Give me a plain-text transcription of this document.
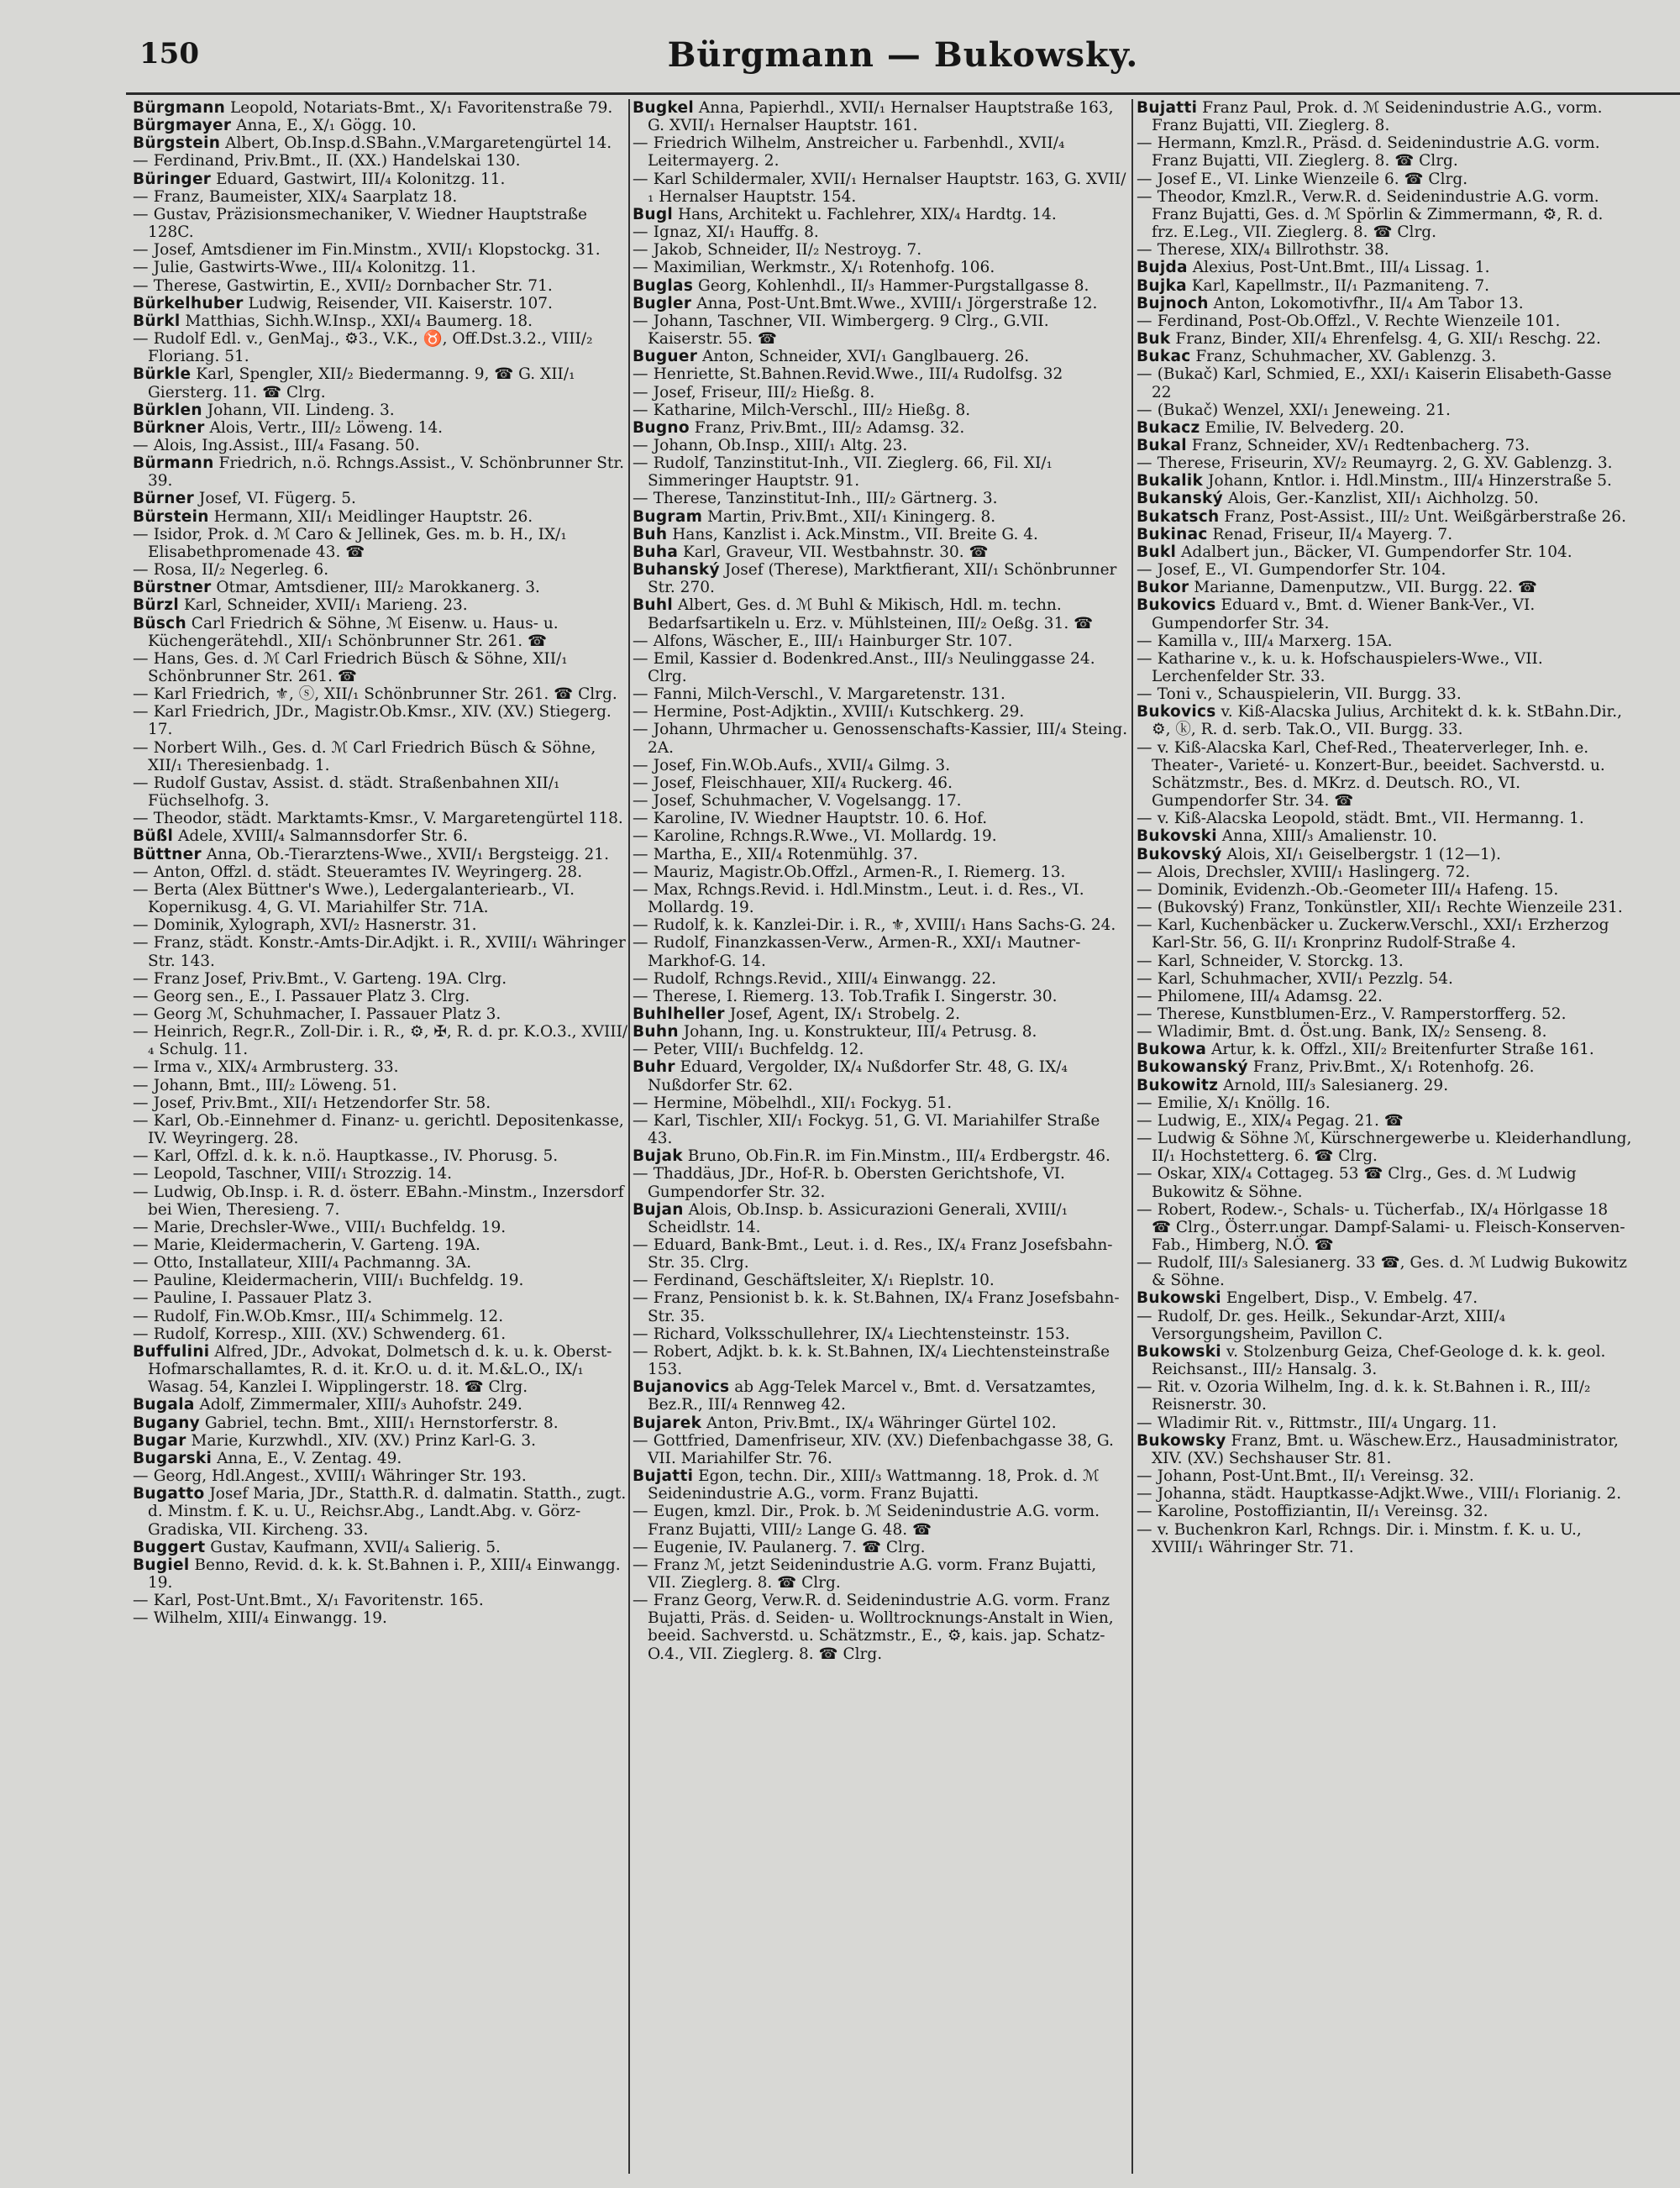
150	Bürgmann — Bukowsky.

Bürgmann Leopold, Notariats-Bmt., X/₁ Favoritenstraße 79.

Bürgmayer Anna, E., X/₁ Gögg. 10.

Bürgstein Albert, Ob.Insp.d.SBahn.,V.Margaretengürtel 14.

— Ferdinand, Priv.Bmt., II. (XX.) Handelskai 130.

Büringer Eduard, Gastwirt, III/₄ Kolonitzg. 11.

— Franz, Baumeister, XIX/₄ Saarplatz 18.

— Gustav, Präzisionsmechaniker, V. Wiedner Hauptstraße 128C.

— Josef, Amtsdiener im Fin.Minstm., XVII/₁ Klopstockg. 31.

— Julie, Gastwirts-Wwe., III/₄ Kolonitzg. 11.

— Therese, Gastwirtin, E., XVII/₂ Dornbacher Str. 71.

Bürkelhuber Ludwig, Reisender, VII. Kaiserstr. 107.

Bürkl Matthias, Sichh.W.Insp., XXI/₄ Baumerg. 18.

— Rudolf Edl. v., GenMaj., ⚙3., V.K., ♉, Off.Dst.3.2., VIII/₂ Floriang. 51.

Bürkle Karl, Spengler, XII/₂ Biedermanng. 9, ☎ G. XII/₁ Giersterg. 11. ☎ Clrg.

Bürklen Johann, VII. Lindeng. 3.

Bürkner Alois, Vertr., III/₂ Löweng. 14.

— Alois, Ing.Assist., III/₄ Fasang. 50.

Bürmann Friedrich, n.ö. Rchngs.Assist., V. Schönbrunner Str. 39.

Bürner Josef, VI. Fügerg. 5.

Bürstein Hermann, XII/₁ Meidlinger Hauptstr. 26.

— Isidor, Prok. d. ℳ Caro & Jellinek, Ges. m. b. H., IX/₁ Elisabethpromenade 43. ☎

— Rosa, II/₂ Negerleg. 6.

Bürstner Otmar, Amtsdiener, III/₂ Marokkanerg. 3.

Bürzl Karl, Schneider, XVII/₁ Marieng. 23.

Büsch Carl Friedrich & Söhne, ℳ Eisenw. u. Haus- u. Küchengerätehdl., XII/₁ Schönbrunner Str. 261. ☎

— Hans, Ges. d. ℳ Carl Friedrich Büsch & Söhne, XII/₁ Schönbrunner Str. 261. ☎

— Karl Friedrich, ⚜, ⓢ, XII/₁ Schönbrunner Str. 261. ☎ Clrg.

— Karl Friedrich, JDr., Magistr.Ob.Kmsr., XIV. (XV.) Stiegerg. 17.

— Norbert Wilh., Ges. d. ℳ Carl Friedrich Büsch & Söhne, XII/₁ Theresienbadg. 1.

— Rudolf Gustav, Assist. d. städt. Straßenbahnen XII/₁ Füchselhofg. 3.

— Theodor, städt. Marktamts-Kmsr., V. Margaretengürtel 118.

Büßl Adele, XVIII/₄ Salmannsdorfer Str. 6.

Büttner Anna, Ob.-Tierarztens-Wwe., XVII/₁ Bergsteigg. 21.

— Anton, Offzl. d. städt. Steueramtes IV. Weyringerg. 28.

— Berta (Alex Büttner's Wwe.), Ledergalanteriearb., VI. Kopernikusg. 4, G. VI. Mariahilfer Str. 71A.

— Dominik, Xylograph, XVI/₂ Hasnerstr. 31.

— Franz, städt. Konstr.-Amts-Dir.Adjkt. i. R., XVIII/₁ Währinger Str. 143.

— Franz Josef, Priv.Bmt., V. Garteng. 19A. Clrg.

— Georg sen., E., I. Passauer Platz 3. Clrg.

— Georg ℳ, Schuhmacher, I. Passauer Platz 3.

— Heinrich, Regr.R., Zoll-Dir. i. R., ⚙, ✠, R. d. pr. K.O.3., XVIII/₄ Schulg. 11.

— Irma v., XIX/₄ Armbrusterg. 33.

— Johann, Bmt., III/₂ Löweng. 51.

— Josef, Priv.Bmt., XII/₁ Hetzendorfer Str. 58.

— Karl, Ob.-Einnehmer d. Finanz- u. gerichtl. Depositenkasse, IV. Weyringerg. 28.

— Karl, Offzl. d. k. k. n.ö. Hauptkasse., IV. Phorusg. 5.

— Leopold, Taschner, VIII/₁ Strozzig. 14.

— Ludwig, Ob.Insp. i. R. d. österr. EBahn.-Minstm., Inzersdorf bei Wien, Theresieng. 7.

— Marie, Drechsler-Wwe., VIII/₁ Buchfeldg. 19.

— Marie, Kleidermacherin, V. Garteng. 19A.

— Otto, Installateur, XIII/₄ Pachmanng. 3A.

— Pauline, Kleidermacherin, VIII/₁ Buchfeldg. 19.

— Pauline, I. Passauer Platz 3.

— Rudolf, Fin.W.Ob.Kmsr., III/₄ Schimmelg. 12.

— Rudolf, Korresp., XIII. (XV.) Schwenderg. 61.

Buffulini Alfred, JDr., Advokat, Dolmetsch d. k. u. k. Oberst-Hofmarschallamtes, R. d. it. Kr.O. u. d. it. M.&L.O., IX/₁ Wasag. 54, Kanzlei I. Wipplingerstr. 18. ☎ Clrg.

Bugala Adolf, Zimmermaler, XIII/₃ Auhofstr. 249.

Bugany Gabriel, techn. Bmt., XIII/₁ Hernstorferstr. 8.

Bugar Marie, Kurzwhdl., XIV. (XV.) Prinz Karl-G. 3.

Bugarski Anna, E., V. Zentag. 49.

— Georg, Hdl.Angest., XVIII/₁ Währinger Str. 193.

Bugatto Josef Maria, JDr., Statth.R. d. dalmatin. Statth., zugt. d. Minstm. f. K. u. U., Reichsr.Abg., Landt.Abg. v. Görz-Gradiska, VII. Kircheng. 33.

Buggert Gustav, Kaufmann, XVII/₄ Salierig. 5.

Bugiel Benno, Revid. d. k. k. St.Bahnen i. P., XIII/₄ Einwangg. 19.

— Karl, Post-Unt.Bmt., X/₁ Favoritenstr. 165.

— Wilhelm, XIII/₄ Einwangg. 19.

Bugkel Anna, Papierhdl., XVII/₁ Hernalser Hauptstraße 163, G. XVII/₁ Hernalser Hauptstr. 161.

— Friedrich Wilhelm, Anstreicher u. Farbenhdl., XVII/₄ Leitermayerg. 2.

— Karl Schildermaler, XVII/₁ Hernalser Hauptstr. 163, G. XVII/₁ Hernalser Hauptstr. 154.

Bugl Hans, Architekt u. Fachlehrer, XIX/₄ Hardtg. 14.

— Ignaz, XI/₁ Hauffg. 8.

— Jakob, Schneider, II/₂ Nestroyg. 7.

— Maximilian, Werkmstr., X/₁ Rotenhofg. 106.

Buglas Georg, Kohlenhdl., II/₃ Hammer-Purgstallgasse 8.

Bugler Anna, Post-Unt.Bmt.Wwe., XVIII/₁ Jörgerstraße 12.

— Johann, Taschner, VII. Wimbergerg. 9 Clrg., G.VII. Kaiserstr. 55. ☎

Buguer Anton, Schneider, XVI/₁ Ganglbauerg. 26.

— Henriette, St.Bahnen.Revid.Wwe., III/₄ Rudolfsg. 32

— Josef, Friseur, III/₂ Hießg. 8.

— Katharine, Milch-Verschl., III/₂ Hießg. 8.

Bugno Franz, Priv.Bmt., III/₂ Adamsg. 32.

— Johann, Ob.Insp., XIII/₁ Altg. 23.

— Rudolf, Tanzinstitut-Inh., VII. Zieglerg. 66, Fil. XI/₁ Simmeringer Hauptstr. 91.

— Therese, Tanzinstitut-Inh., III/₂ Gärtnerg. 3.

Bugram Martin, Priv.Bmt., XII/₁ Kiningerg. 8.

Buh Hans, Kanzlist i. Ack.Minstm., VII. Breite G. 4.

Buha Karl, Graveur, VII. Westbahnstr. 30. ☎

Buhanský Josef (Therese), Marktfierant, XII/₁ Schönbrunner Str. 270.

Buhl Albert, Ges. d. ℳ Buhl & Mikisch, Hdl. m. techn. Bedarfsartikeln u. Erz. v. Mühlsteinen, III/₂ Oeßg. 31. ☎

— Alfons, Wäscher, E., III/₁ Hainburger Str. 107.

— Emil, Kassier d. Bodenkred.Anst., III/₃ Neulinggasse 24. Clrg.

— Fanni, Milch-Verschl., V. Margaretenstr. 131.

— Hermine, Post-Adjktin., XVIII/₁ Kutschkerg. 29.

— Johann, Uhrmacher u. Genossenschafts-Kassier, III/₄ Steing. 2A.

— Josef, Fin.W.Ob.Aufs., XVII/₄ Gilmg. 3.

— Josef, Fleischhauer, XII/₄ Ruckerg. 46.

— Josef, Schuhmacher, V. Vogelsangg. 17.

— Karoline, IV. Wiedner Hauptstr. 10. 6. Hof.

— Karoline, Rchngs.R.Wwe., VI. Mollardg. 19.

— Martha, E., XII/₄ Rotenmühlg. 37.

— Mauriz, Magistr.Ob.Offzl., Armen-R., I. Riemerg. 13.

— Max, Rchngs.Revid. i. Hdl.Minstm., Leut. i. d. Res., VI. Mollardg. 19.

— Rudolf, k. k. Kanzlei-Dir. i. R., ⚜, XVIII/₁ Hans Sachs-G. 24.

— Rudolf, Finanzkassen-Verw., Armen-R., XXI/₁ Mautner-Markhof-G. 14.

— Rudolf, Rchngs.Revid., XIII/₄ Einwangg. 22.

— Therese, I. Riemerg. 13. Tob.Trafik I. Singerstr. 30.

Buhlheller Josef, Agent, IX/₁ Strobelg. 2.

Buhn Johann, Ing. u. Konstrukteur, III/₄ Petrusg. 8.

— Peter, VIII/₁ Buchfeldg. 12.

Buhr Eduard, Vergolder, IX/₄ Nußdorfer Str. 48, G. IX/₄ Nußdorfer Str. 62.

— Hermine, Möbelhdl., XII/₁ Fockyg. 51.

— Karl, Tischler, XII/₁ Fockyg. 51, G. VI. Mariahilfer Straße 43.

Bujak Bruno, Ob.Fin.R. im Fin.Minstm., III/₄ Erdbergstr. 46.

— Thaddäus, JDr., Hof-R. b. Obersten Gerichtshofe, VI. Gumpendorfer Str. 32.

Bujan Alois, Ob.Insp. b. Assicurazioni Generali, XVIII/₁ Scheidlstr. 14.

— Eduard, Bank-Bmt., Leut. i. d. Res., IX/₄ Franz Josefsbahn-Str. 35. Clrg.

— Ferdinand, Geschäftsleiter, X/₁ Rieplstr. 10.

— Franz, Pensionist b. k. k. St.Bahnen, IX/₄ Franz Josefsbahn-Str. 35.

— Richard, Volksschullehrer, IX/₄ Liechtensteinstr. 153.

— Robert, Adjkt. b. k. k. St.Bahnen, IX/₄ Liechtensteinstraße 153.

Bujanovics ab Agg-Telek Marcel v., Bmt. d. Versatzamtes, Bez.R., III/₄ Rennweg 42.

Bujarek Anton, Priv.Bmt., IX/₄ Währinger Gürtel 102.

— Gottfried, Damenfriseur, XIV. (XV.) Diefenbachgasse 38, G. VII. Mariahilfer Str. 76.

Bujatti Egon, techn. Dir., XIII/₃ Wattmanng. 18, Prok. d. ℳ Seidenindustrie A.G., vorm. Franz Bujatti.

— Eugen, kmzl. Dir., Prok. b. ℳ Seidenindustrie A.G. vorm. Franz Bujatti, VIII/₂ Lange G. 48. ☎

— Eugenie, IV. Paulanerg. 7. ☎ Clrg.

— Franz ℳ, jetzt Seidenindustrie A.G. vorm. Franz Bujatti, VII. Zieglerg. 8. ☎ Clrg.

— Franz Georg, Verw.R. d. Seidenindustrie A.G. vorm. Franz Bujatti, Präs. d. Seiden- u. Wolltrocknungs-Anstalt in Wien, beeid. Sachverstd. u. Schätzmstr., E., ⚙, kais. jap. Schatz-O.4., VII. Zieglerg. 8. ☎ Clrg.

Bujatti Franz Paul, Prok. d. ℳ Seidenindustrie A.G., vorm. Franz Bujatti, VII. Zieglerg. 8.

— Hermann, Kmzl.R., Präsd. d. Seidenindustrie A.G. vorm. Franz Bujatti, VII. Zieglerg. 8. ☎ Clrg.

— Josef E., VI. Linke Wienzeile 6. ☎ Clrg.

— Theodor, Kmzl.R., Verw.R. d. Seidenindustrie A.G. vorm. Franz Bujatti, Ges. d. ℳ Spörlin & Zimmermann, ⚙, R. d. frz. E.Leg., VII. Zieglerg. 8. ☎ Clrg.

— Therese, XIX/₄ Billrothstr. 38.

Bujda Alexius, Post-Unt.Bmt., III/₄ Lissag. 1.

Bujka Karl, Kapellmstr., II/₁ Pazmaniteng. 7.

Bujnoch Anton, Lokomotivfhr., II/₄ Am Tabor 13.

— Ferdinand, Post-Ob.Offzl., V. Rechte Wienzeile 101.

Buk Franz, Binder, XII/₄ Ehrenfelsg. 4, G. XII/₁ Reschg. 22.

Bukac Franz, Schuhmacher, XV. Gablenzg. 3.

— (Bukač) Karl, Schmied, E., XXI/₁ Kaiserin Elisabeth-Gasse 22

— (Bukač) Wenzel, XXI/₁ Jeneweing. 21.

Bukacz Emilie, IV. Belvederg. 20.

Bukal Franz, Schneider, XV/₁ Redtenbacherg. 73.

— Therese, Friseurin, XV/₂ Reumayrg. 2, G. XV. Gablenzg. 3.

Bukalik Johann, Kntlor. i. Hdl.Minstm., III/₄ Hinzerstraße 5.

Bukanský Alois, Ger.-Kanzlist, XII/₁ Aichholzg. 50.

Bukatsch Franz, Post-Assist., III/₂ Unt. Weißgärberstraße 26.

Bukinac Renad, Friseur, II/₄ Mayerg. 7.

Bukl Adalbert jun., Bäcker, VI. Gumpendorfer Str. 104.

— Josef, E., VI. Gumpendorfer Str. 104.

Bukor Marianne, Damenputzw., VII. Burgg. 22. ☎

Bukovics Eduard v., Bmt. d. Wiener Bank-Ver., VI. Gumpendorfer Str. 34.

— Kamilla v., III/₄ Marxerg. 15A.

— Katharine v., k. u. k. Hofschauspielers-Wwe., VII. Lerchenfelder Str. 33.

— Toni v., Schauspielerin, VII. Burgg. 33.

Bukovics v. Kiß-Alacska Julius, Architekt d. k. k. StBahn.Dir., ⚙, ⓚ, R. d. serb. Tak.O., VII. Burgg. 33.

— v. Kiß-Alacska Karl, Chef-Red., Theaterverleger, Inh. e. Theater-, Varieté- u. Konzert-Bur., beeidet. Sachverstd. u. Schätzmstr., Bes. d. MKrz. d. Deutsch. RO., VI. Gumpendorfer Str. 34. ☎

— v. Kiß-Alacska Leopold, städt. Bmt., VII. Hermanng. 1.

Bukovski Anna, XIII/₃ Amalienstr. 10.

Bukovský Alois, XI/₁ Geiselbergstr. 1 (12—1).

— Alois, Drechsler, XVIII/₁ Haslingerg. 72.

— Dominik, Evidenzh.-Ob.-Geometer III/₄ Hafeng. 15.

— (Bukovský) Franz, Tonkünstler, XII/₁ Rechte Wienzeile 231.

— Karl, Kuchenbäcker u. Zuckerw.Verschl., XXI/₁ Erzherzog Karl-Str. 56, G. II/₁ Kronprinz Rudolf-Straße 4.

— Karl, Schneider, V. Storckg. 13.

— Karl, Schuhmacher, XVII/₁ Pezzlg. 54.

— Philomene, III/₄ Adamsg. 22.

— Therese, Kunstblumen-Erz., V. Ramperstorfferg. 52.

— Wladimir, Bmt. d. Öst.ung. Bank, IX/₂ Senseng. 8.

Bukowa Artur, k. k. Offzl., XII/₂ Breitenfurter Straße 161.

Bukowanský Franz, Priv.Bmt., X/₁ Rotenhofg. 26.

Bukowitz Arnold, III/₃ Salesianerg. 29.

— Emilie, X/₁ Knöllg. 16.

— Ludwig, E., XIX/₄ Pegag. 21. ☎

— Ludwig & Söhne ℳ, Kürschnergewerbe u. Kleiderhandlung, II/₁ Hochstetterg. 6. ☎ Clrg.

— Oskar, XIX/₄ Cottageg. 53 ☎ Clrg., Ges. d. ℳ Ludwig Bukowitz & Söhne.

— Robert, Rodew.-, Schals- u. Tücherfab., IX/₄ Hörlgasse 18 ☎ Clrg., Österr.ungar. Dampf-Salami- u. Fleisch-Konserven-Fab., Himberg, N.Ö. ☎

— Rudolf, III/₃ Salesianerg. 33 ☎, Ges. d. ℳ Ludwig Bukowitz & Söhne.

Bukowski Engelbert, Disp., V. Embelg. 47.

— Rudolf, Dr. ges. Heilk., Sekundar-Arzt, XIII/₄ Versorgungsheim, Pavillon C.

Bukowski v. Stolzenburg Geiza, Chef-Geologe d. k. k. geol. Reichsanst., III/₂ Hansalg. 3.

— Rit. v. Ozoria Wilhelm, Ing. d. k. k. St.Bahnen i. R., III/₂ Reisnerstr. 30.

— Wladimir Rit. v., Rittmstr., III/₄ Ungarg. 11.

Bukowsky Franz, Bmt. u. Wäschew.Erz., Hausadministrator, XIV. (XV.) Sechshauser Str. 81.

— Johann, Post-Unt.Bmt., II/₁ Vereinsg. 32.

— Johanna, städt. Hauptkasse-Adjkt.Wwe., VIII/₁ Florianig. 2.

— Karoline, Postoffiziantin, II/₁ Vereinsg. 32.

— v. Buchenkron Karl, Rchngs. Dir. i. Minstm. f. K. u. U., XVIII/₁ Währinger Str. 71.
